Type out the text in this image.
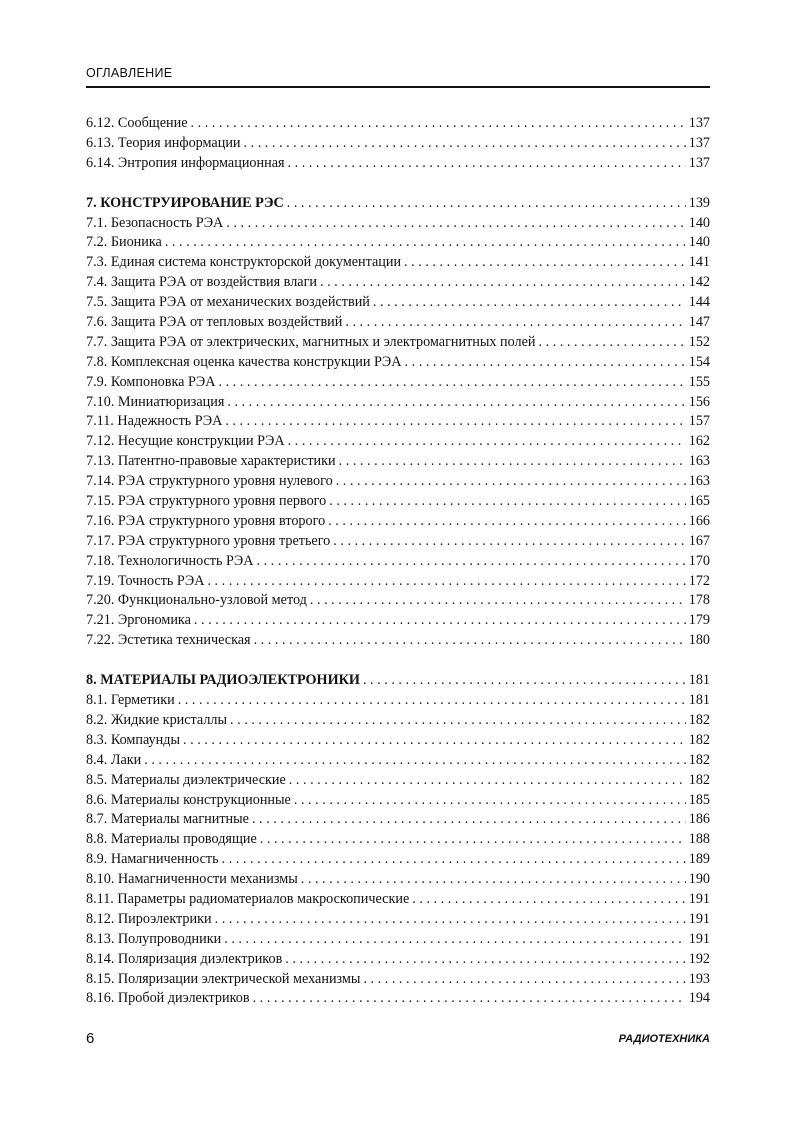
ОГЛАВЛЕНИЕ
6.12. Сообщение . . .	137
6.13. Теория информации . . .	137
6.14. Энтропия информационная . . .	137
7. КОНСТРУИРОВАНИЕ РЭС . . .	139
7.1. Безопасность РЭА . . .	140
7.2. Бионика . . .	140
7.3. Единая система конструкторской документации . . .	141
7.4. Защита РЭА от воздействия влаги . . .	142
7.5. Защита РЭА от механических воздействий . . .	144
7.6. Защита РЭА от тепловых воздействий . . .	147
7.7. Защита РЭА от электрических, магнитных и электромагнитных полей . . .	152
7.8. Комплексная оценка качества конструкции РЭА . . .	154
7.9. Компоновка РЭА . . .	155
7.10. Миниатюризация . . .	156
7.11. Надежность РЭА . . .	157
7.12. Несущие конструкции РЭА . . .	162
7.13. Патентно-правовые характеристики . . .	163
7.14. РЭА структурного уровня нулевого . . .	163
7.15. РЭА структурного уровня первого . . .	165
7.16. РЭА структурного уровня второго . . .	166
7.17. РЭА структурного уровня третьего . . .	167
7.18. Технологичность РЭА . . .	170
7.19. Точность РЭА . . .	172
7.20. Функционально-узловой метод . . .	178
7.21. Эргономика . . .	179
7.22. Эстетика техническая . . .	180
8. МАТЕРИАЛЫ РАДИОЭЛЕКТРОНИКИ . . .	181
8.1. Герметики . . .	181
8.2. Жидкие кристаллы . . .	182
8.3. Компаунды . . .	182
8.4. Лаки . . .	182
8.5. Материалы диэлектрические . . .	182
8.6. Материалы конструкционные . . .	185
8.7. Материалы магнитные . . .	186
8.8. Материалы проводящие . . .	188
8.9. Намагниченность . . .	189
8.10. Намагниченности механизмы . . .	190
8.11. Параметры радиоматериалов макроскопические . . .	191
8.12. Пироэлектрики . . .	191
8.13. Полупроводники . . .	191
8.14. Поляризация диэлектриков . . .	192
8.15. Поляризации электрической механизмы . . .	193
8.16. Пробой диэлектриков . . .	194
6	РАДИОТЕХНИКА
